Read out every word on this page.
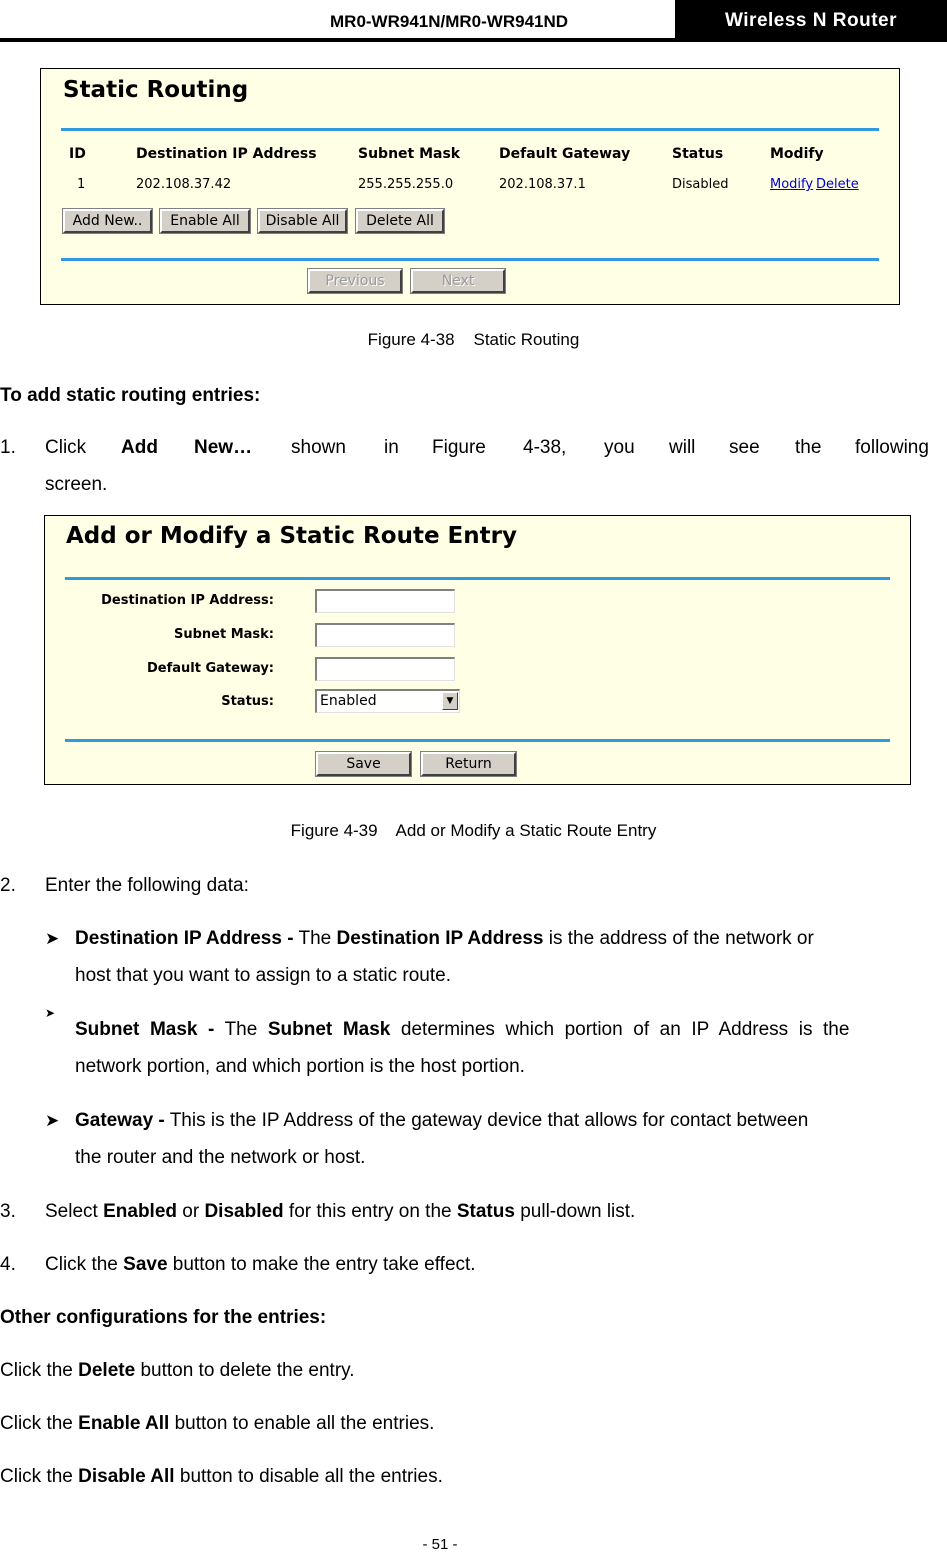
MR0-WR941N/MR0-WR941ND	Wireless N Router
Static Routing
ID	Destination IP Address	Subnet Mask	Default Gateway	Status	Modify
1	202.108.37.42	255.255.255.0	202.108.37.1	Disabled	Modify Delete
Add New..	Enable All	Disable All	Delete All
Previous	Next
Figure 4-38    Static Routing
To add static routing entries:
1. Click Add New… shown in Figure 4-38, you will see the following
screen.
Add or Modify a Static Route Entry
Destination IP Address:
Subnet Mask:
Default Gateway:
Status:	Enabled	▼
Save	Return
Figure 4-39    Add or Modify a Static Route Entry
2. Enter the following data:
➤ Destination IP Address - The Destination IP Address is the address of the network or
host that you want to assign to a static route.
➤
Subnet  Mask  -  The  Subnet  Mask  determines  which  portion  of  an  IP  Address  is  the
network portion, and which portion is the host portion.
➤ Gateway - This is the IP Address of the gateway device that allows for contact between
the router and the network or host.
3. Select Enabled or Disabled for this entry on the Status pull-down list.
4. Click the Save button to make the entry take effect.
Other configurations for the entries:
Click the Delete button to delete the entry.
Click the Enable All button to enable all the entries.
Click the Disable All button to disable all the entries.
- 51 -
